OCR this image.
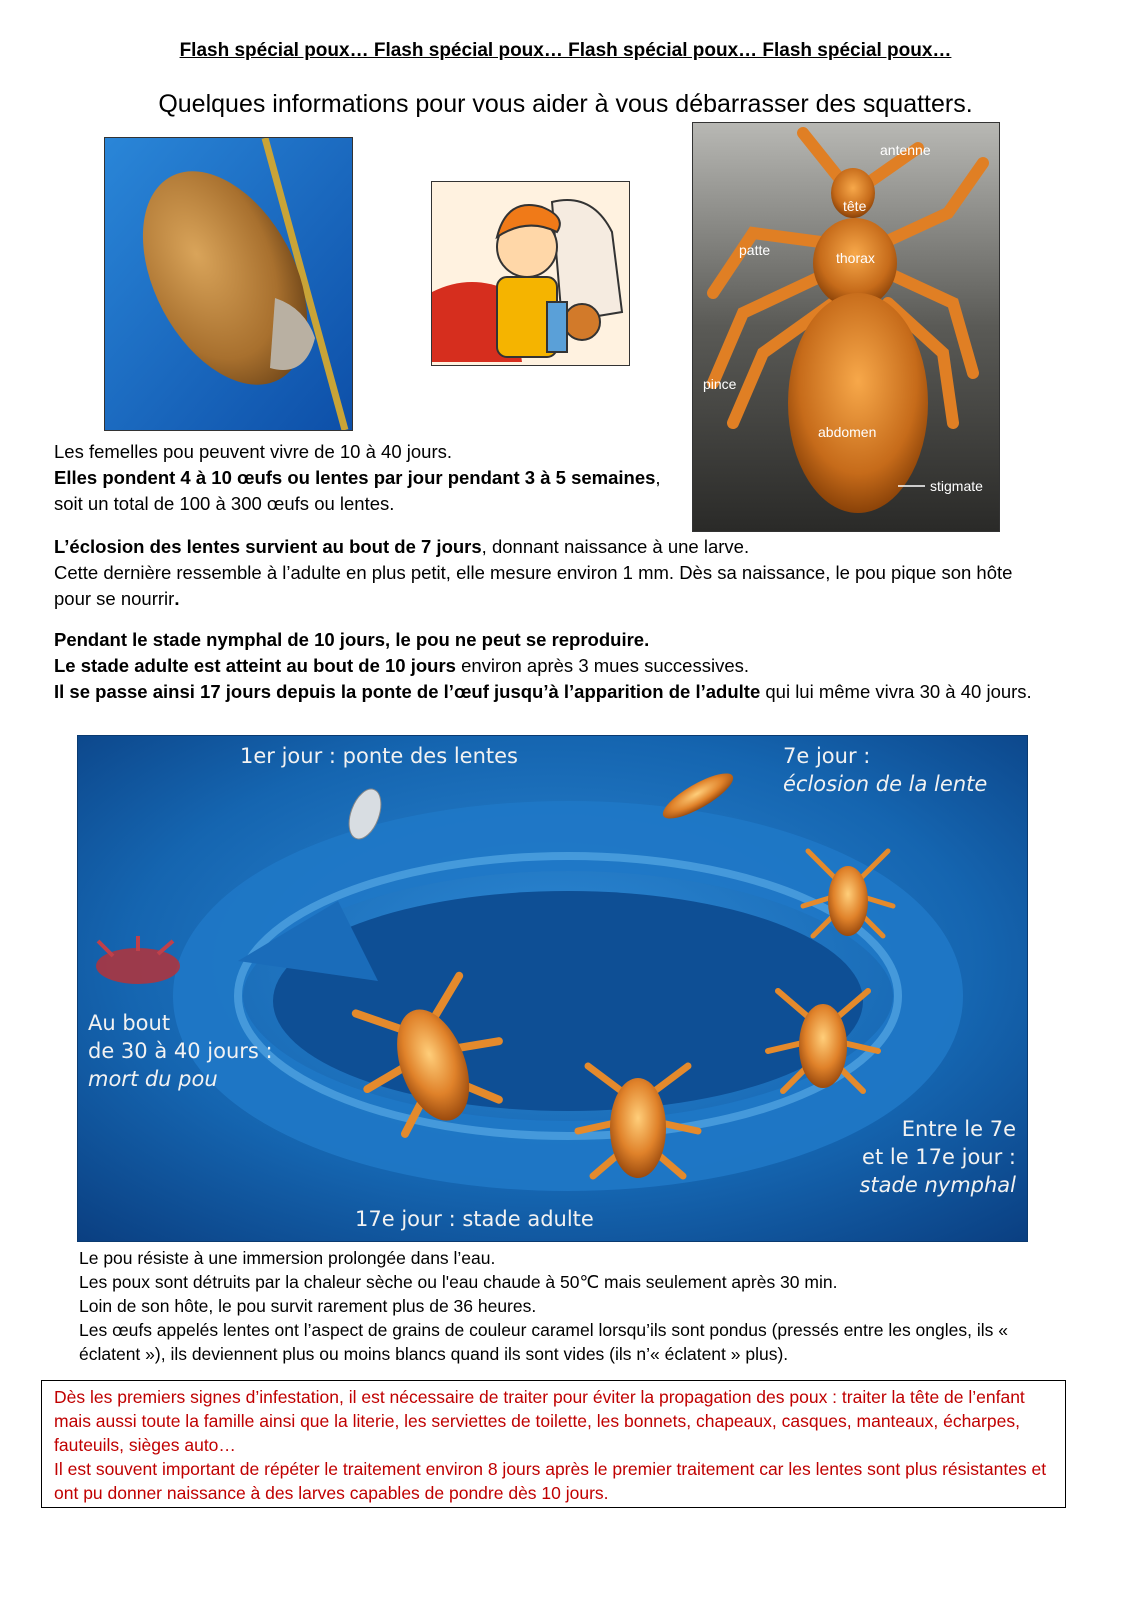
Flash spécial poux… Flash spécial poux… Flash spécial poux… Flash spécial poux…
Quelques informations pour vous aider à vous débarrasser des squatters.
antenne
tête
thorax
patte
pince
abdomen
stigmate
Les femelles pou peuvent vivre de 10 à 40 jours.
Elles pondent 4 à 10 œufs ou lentes par jour pendant 3 à 5 semaines, soit un total de 100 à 300 œufs ou lentes.
L’éclosion des lentes survient au bout de 7 jours, donnant naissance à une larve.
Cette dernière ressemble à l’adulte en plus petit, elle mesure environ 1 mm. Dès sa naissance, le pou pique son hôte pour se nourrir.
Pendant le stade nymphal de 10 jours, le pou ne peut se reproduire.
Le stade adulte est atteint au bout de 10 jours environ après 3 mues successives.
Il se passe ainsi 17 jours depuis la ponte de l’œuf jusqu’à l’apparition de l’adulte qui lui même vivra 30 à 40 jours.
1er jour : ponte des lentes	7e jour :
éclosion de la lente
Au bout
de 30 à 40 jours :
mort du pou
Entre le 7e
et le 17e jour :
stade nymphal
17e jour : stade adulte
Le pou résiste à une immersion prolongée dans l’eau.
Les poux sont détruits par la chaleur sèche ou l'eau chaude à 50℃ mais seulement après 30 min.
Loin de son hôte, le pou survit rarement plus de 36 heures.
Les œufs appelés lentes ont l’aspect de grains de couleur caramel lorsqu’ils sont pondus (pressés entre les ongles, ils « éclatent »), ils deviennent plus ou moins blancs quand ils sont vides (ils n’« éclatent » plus).
Dès les premiers signes d’infestation, il est nécessaire de traiter pour éviter la propagation des poux : traiter la tête de l’enfant mais aussi toute la famille ainsi que la literie, les serviettes de toilette, les bonnets, chapeaux, casques, manteaux, écharpes, fauteuils, sièges auto…
Il est souvent important de répéter le traitement environ 8 jours après le premier traitement car les lentes sont plus résistantes et ont pu donner naissance à des larves capables de pondre dès 10 jours.
